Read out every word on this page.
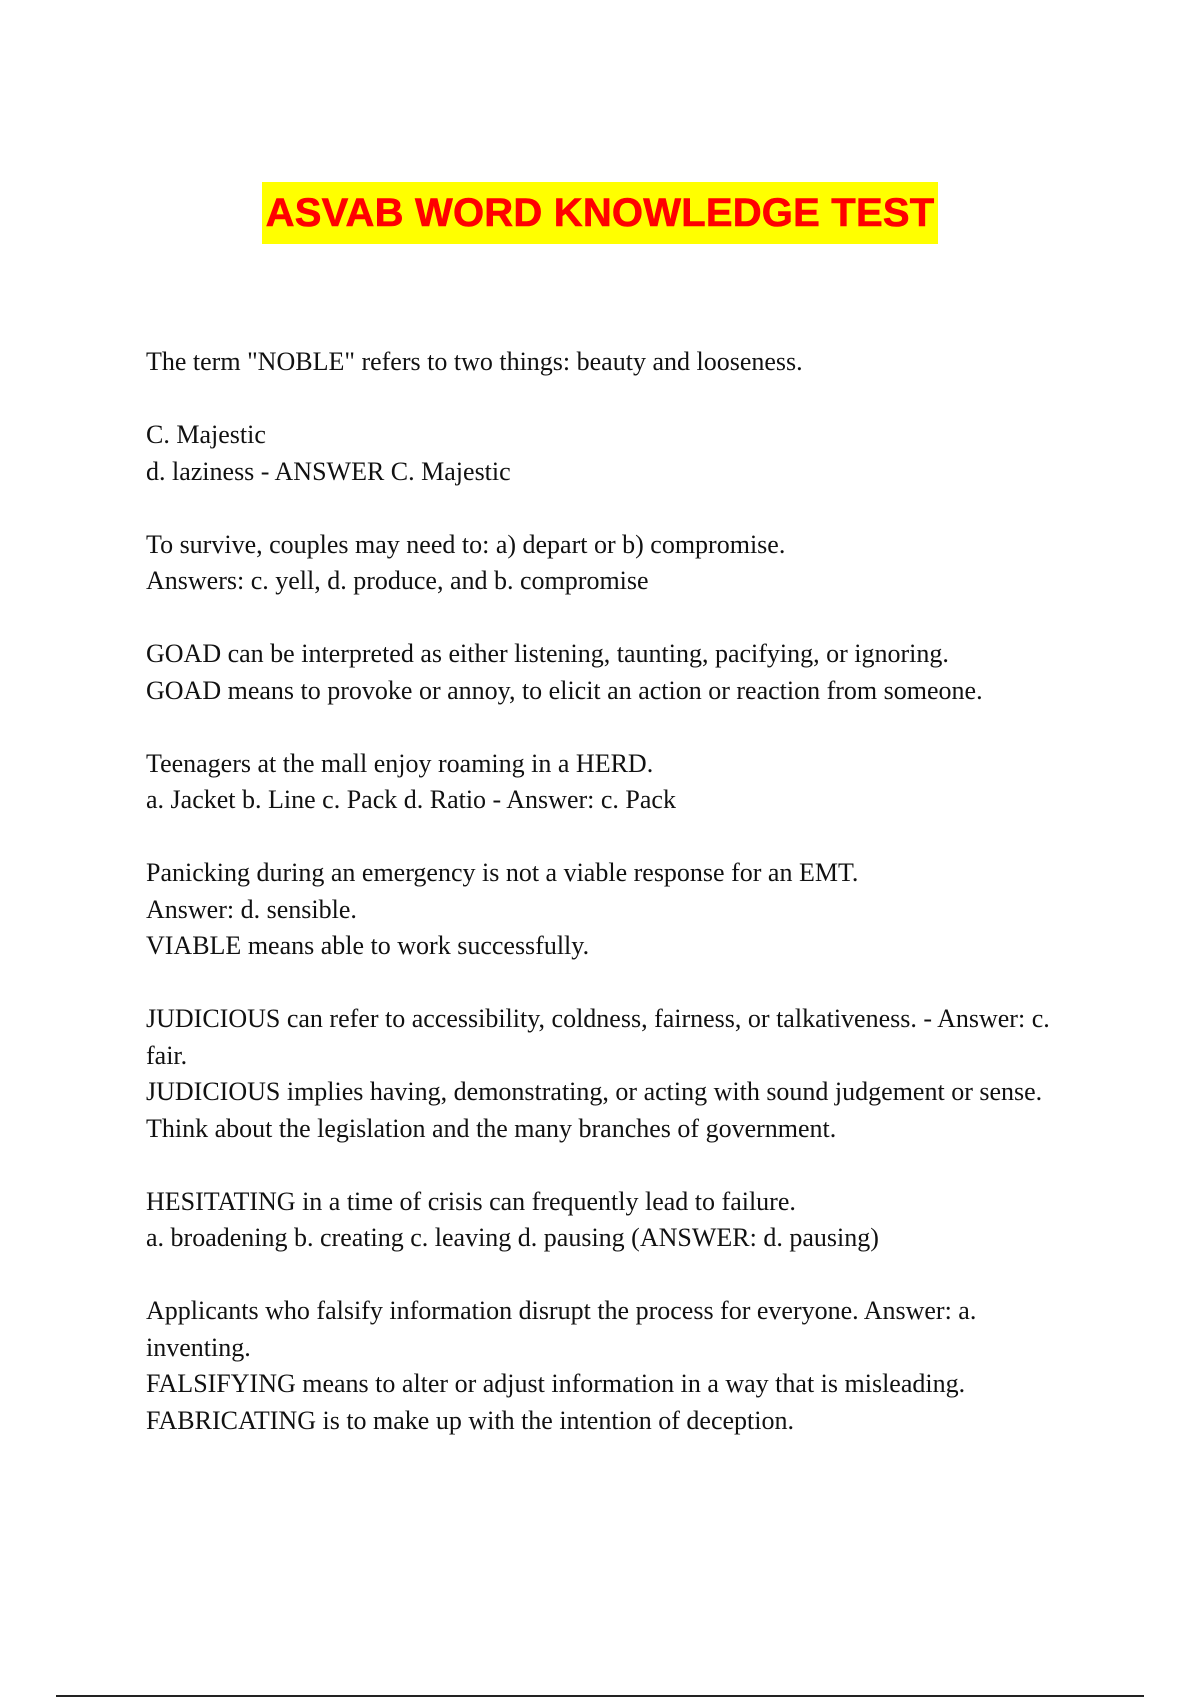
ASVAB WORD KNOWLEDGE TEST
The term "NOBLE" refers to two things: beauty and looseness.
C. Majestic
d. laziness - ANSWER C. Majestic
To survive, couples may need to: a) depart or b) compromise.
Answers: c. yell, d. produce, and b. compromise
GOAD can be interpreted as either listening, taunting, pacifying, or ignoring.
GOAD means to provoke or annoy, to elicit an action or reaction from someone.
Teenagers at the mall enjoy roaming in a HERD.
a. Jacket b. Line c. Pack d. Ratio - Answer: c. Pack
Panicking during an emergency is not a viable response for an EMT.
Answer: d. sensible.
VIABLE means able to work successfully.
JUDICIOUS can refer to accessibility, coldness, fairness, or talkativeness. - Answer: c. fair.
JUDICIOUS implies having, demonstrating, or acting with sound judgement or sense. Think about the legislation and the many branches of government.
HESITATING in a time of crisis can frequently lead to failure.
a. broadening b. creating c. leaving d. pausing (ANSWER: d. pausing)
Applicants who falsify information disrupt the process for everyone. Answer: a. inventing.
FALSIFYING means to alter or adjust information in a way that is misleading.
FABRICATING is to make up with the intention of deception.
